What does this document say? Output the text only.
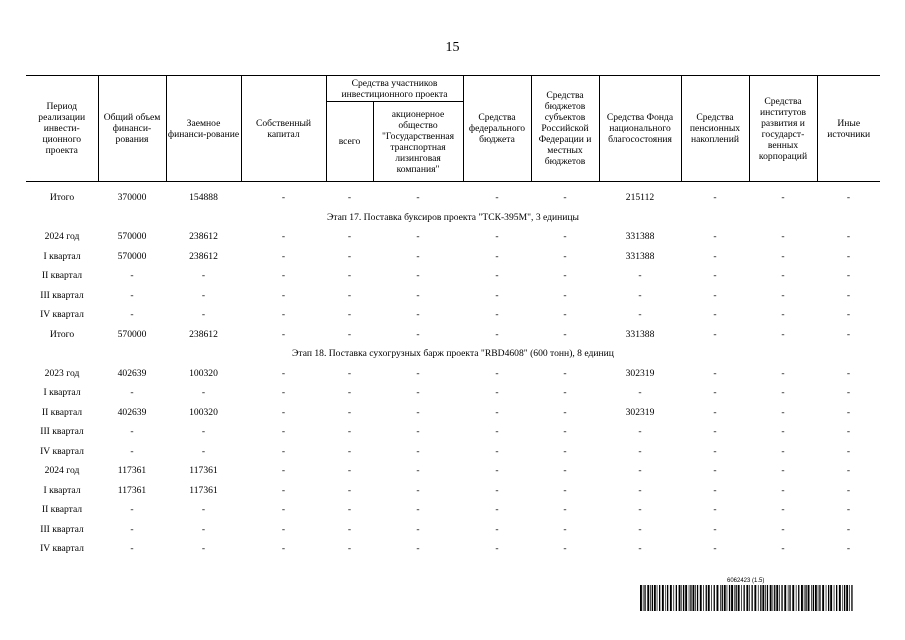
15
Период реализации инвести-ционного проекта	Общий объем финанси-рования	Заемное финанси-рование	Собственный капитал	Средства участников инвестиционного проекта		Средства федерального бюджета	Средства бюджетов субъектов Российской Федерации и местных бюджетов	Средства Фонда национального благосостояния	Средства пенсионных накоплений	Средства институтов развития и государст-венных корпораций	Иные источники
				всего	акционерное общество "Государственная транспортная лизинговая компания"						

Итого	370000	154888	-	-	-	-	-	215112	-	-	-
Этап 17. Поставка буксиров проекта "ТСК-395М", 3 единицы											
2024 год	570000	238612	-	-	-	-	-	331388	-	-	-
I квартал	570000	238612	-	-	-	-	-	331388	-	-	-
II квартал	-	-	-	-	-	-	-	-	-	-	-
III квартал	-	-	-	-	-	-	-	-	-	-	-
IV квартал	-	-	-	-	-	-	-	-	-	-	-
Итого	570000	238612	-	-	-	-	-	331388	-	-	-
Этап 18. Поставка сухогрузных барж проекта "RBD4608" (600 тонн), 8 единиц											
2023 год	402639	100320	-	-	-	-	-	302319	-	-	-
I квартал	-	-	-	-	-	-	-	-	-	-	-
II квартал	402639	100320	-	-	-	-	-	302319	-	-	-
III квартал	-	-	-	-	-	-	-	-	-	-	-
IV квартал	-	-	-	-	-	-	-	-	-	-	-
2024 год	117361	117361	-	-	-	-	-	-	-	-	-
I квартал	117361	117361	-	-	-	-	-	-	-	-	-
II квартал	-	-	-	-	-	-	-	-	-	-	-
III квартал	-	-	-	-	-	-	-	-	-	-	-
IV квартал	-	-	-	-	-	-	-	-	-	-	-
6062423 (1.5)
